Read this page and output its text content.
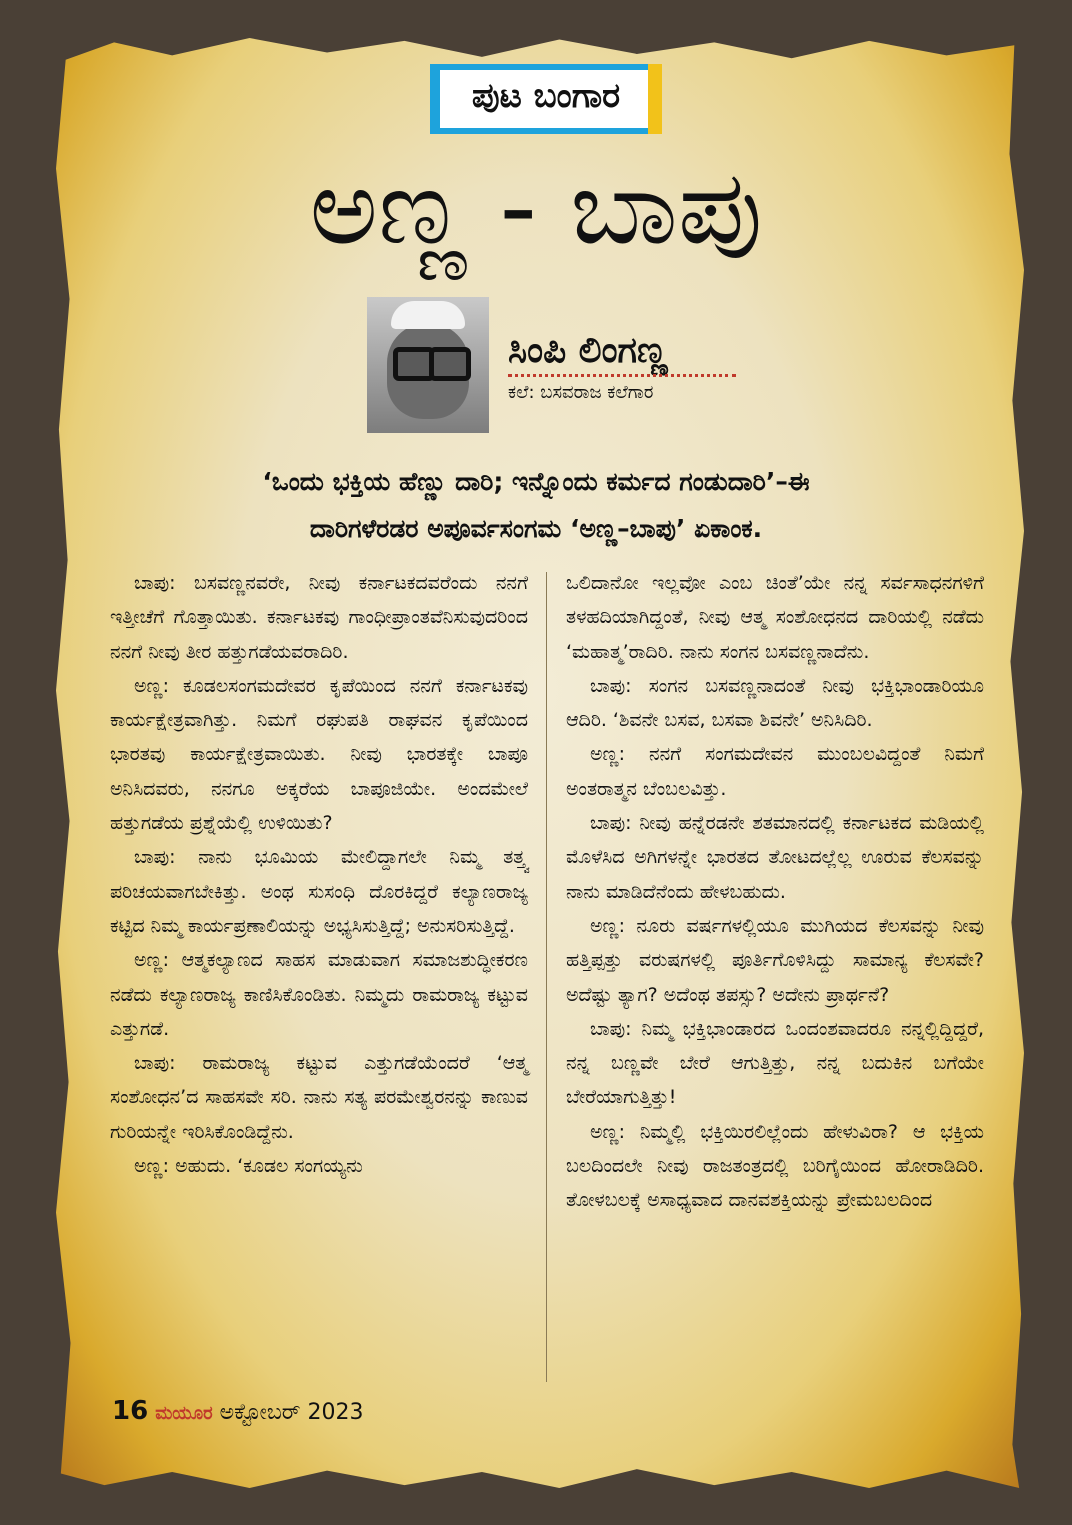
ಪುಟ ಬಂಗಾರ
ಅಣ್ಣ - ಬಾಪು
ಸಿಂಪಿ ಲಿಂಗಣ್ಣ
ಕಲೆ: ಬಸವರಾಜ ಕಲೆಗಾರ
‘ಒಂದು ಭಕ್ತಿಯ ಹೆಣ್ಣು ದಾರಿ; ಇನ್ನೊಂದು ಕರ್ಮದ ಗಂಡುದಾರಿ’–ಈ
ದಾರಿಗಳೆರಡರ ಅಪೂರ್ವಸಂಗಮ ‘ಅಣ್ಣ–ಬಾಪು’ ಏಕಾಂಕ.

ಬಾಪು: ಬಸವಣ್ಣನವರೇ, ನೀವು ಕರ್ನಾಟಕದವರೆಂದು ನನಗೆ ಇತ್ತೀಚೆಗೆ ಗೊತ್ತಾಯಿತು. ಕರ್ನಾಟಕವು ಗಾಂಧೀಪ್ರಾಂತವೆನಿಸುವುದರಿಂದ ನನಗೆ ನೀವು ತೀರ ಹತ್ತುಗಡೆಯವರಾದಿರಿ.

ಅಣ್ಣ: ಕೂಡಲಸಂಗಮದೇವರ ಕೃಪೆಯಿಂದ ನನಗೆ ಕರ್ನಾಟಕವು ಕಾರ್ಯಕ್ಷೇತ್ರವಾಗಿತ್ತು. ನಿಮಗೆ ರಘುಪತಿ ರಾಘವನ ಕೃಪೆಯಿಂದ ಭಾರತವು ಕಾರ್ಯಕ್ಷೇತ್ರವಾಯಿತು. ನೀವು ಭಾರತಕ್ಕೇ ಬಾಪೂ ಅನಿಸಿದವರು, ನನಗೂ ಅಕ್ಕರೆಯ ಬಾಪೂಜಿಯೇ. ಅಂದಮೇಲೆ ಹತ್ತುಗಡೆಯ ಪ್ರಶ್ನೆಯೆಲ್ಲಿ ಉಳಿಯಿತು?

ಬಾಪು: ನಾನು ಭೂಮಿಯ ಮೇಲಿದ್ದಾಗಲೇ ನಿಮ್ಮ ತತ್ತ್ವ ಪರಿಚಯವಾಗಬೇಕಿತ್ತು. ಅಂಥ ಸುಸಂಧಿ ದೊರಕಿದ್ದರೆ ಕಲ್ಯಾಣರಾಜ್ಯ ಕಟ್ಟಿದ ನಿಮ್ಮ ಕಾರ್ಯಪ್ರಣಾಲಿಯನ್ನು ಅಭ್ಯಸಿಸುತ್ತಿದ್ದೆ; ಅನುಸರಿಸುತ್ತಿದ್ದೆ.

ಅಣ್ಣ: ಆತ್ಮಕಲ್ಯಾಣದ ಸಾಹಸ ಮಾಡುವಾಗ ಸಮಾಜಶುದ್ಧೀಕರಣ ನಡೆದು ಕಲ್ಯಾಣರಾಜ್ಯ ಕಾಣಿಸಿಕೊಂಡಿತು. ನಿಮ್ಮದು ರಾಮರಾಜ್ಯ ಕಟ್ಟುವ ಎತ್ತುಗಡೆ.

ಬಾಪು: ರಾಮರಾಜ್ಯ ಕಟ್ಟುವ ಎತ್ತುಗಡೆಯೆಂದರೆ ‘ಆತ್ಮ ಸಂಶೋಧನ’ದ ಸಾಹಸವೇ ಸರಿ. ನಾನು ಸತ್ಯ ಪರಮೇಶ್ವರನನ್ನು ಕಾಣುವ ಗುರಿಯನ್ನೇ ಇರಿಸಿಕೊಂಡಿದ್ದೆನು.

ಅಣ್ಣ: ಅಹುದು. ‘ಕೂಡಲ ಸಂಗಯ್ಯನು

ಒಲಿದಾನೋ ಇಲ್ಲವೋ ಎಂಬ ಚಿಂತೆ’ಯೇ ನನ್ನ ಸರ್ವಸಾಧನಗಳಿಗೆ ತಳಹದಿಯಾಗಿದ್ದಂತೆ, ನೀವು ಆತ್ಮ ಸಂಶೋಧನದ ದಾರಿಯಲ್ಲಿ ನಡೆದು ‘ಮಹಾತ್ಮ’ರಾದಿರಿ. ನಾನು ಸಂಗನ ಬಸವಣ್ಣನಾದೆನು.

ಬಾಪು: ಸಂಗನ ಬಸವಣ್ಣನಾದಂತೆ ನೀವು ಭಕ್ತಿಭಾಂಡಾರಿಯೂ ಆದಿರಿ. ‘ಶಿವನೇ ಬಸವ, ಬಸವಾ ಶಿವನೇ’ ಅನಿಸಿದಿರಿ.

ಅಣ್ಣ: ನನಗೆ ಸಂಗಮದೇವನ ಮುಂಬಲವಿದ್ದಂತೆ ನಿಮಗೆ ಅಂತರಾತ್ಮನ ಬೆಂಬಲವಿತ್ತು.

ಬಾಪು: ನೀವು ಹನ್ನೆರಡನೇ ಶತಮಾನದಲ್ಲಿ ಕರ್ನಾಟಕದ ಮಡಿಯಲ್ಲಿ ಮೊಳೆಸಿದ ಅಗಿಗಳನ್ನೇ ಭಾರತದ ತೋಟದಲ್ಲೆಲ್ಲ ಊರುವ ಕೆಲಸವನ್ನು ನಾನು ಮಾಡಿದೆನೆಂದು ಹೇಳಬಹುದು.

ಅಣ್ಣ: ನೂರು ವರ್ಷಗಳಲ್ಲಿಯೂ ಮುಗಿಯದ ಕೆಲಸವನ್ನು ನೀವು ಹತ್ತಿಪ್ಪತ್ತು ವರುಷಗಳಲ್ಲಿ ಪೂರ್ತಿಗೊಳಿಸಿದ್ದು ಸಾಮಾನ್ಯ ಕೆಲಸವೇ? ಅದೆಷ್ಟು ತ್ಯಾಗ? ಅದೆಂಥ ತಪಸ್ಸು? ಅದೇನು ಪ್ರಾರ್ಥನೆ?

ಬಾಪು: ನಿಮ್ಮ ಭಕ್ತಿಭಾಂಡಾರದ ಒಂದಂಶವಾದರೂ ನನ್ನಲ್ಲಿದ್ದಿದ್ದರೆ, ನನ್ನ ಬಣ್ಣವೇ ಬೇರೆ ಆಗುತ್ತಿತ್ತು, ನನ್ನ ಬದುಕಿನ ಬಗೆಯೇ ಬೇರೆಯಾಗುತ್ತಿತ್ತು!

ಅಣ್ಣ: ನಿಮ್ಮಲ್ಲಿ ಭಕ್ತಿಯಿರಲಿಲ್ಲೆಂದು ಹೇಳುವಿರಾ? ಆ ಭಕ್ತಿಯ ಬಲದಿಂದಲೇ ನೀವು ರಾಜತಂತ್ರದಲ್ಲಿ ಬರಿಗೈಯಿಂದ ಹೋರಾಡಿದಿರಿ. ತೋಳಬಲಕ್ಕೆ ಅಸಾಧ್ಯವಾದ ದಾನವಶಕ್ತಿಯನ್ನು ಪ್ರೇಮಬಲದಿಂದ

16 ಮಯೂರ ಅಕ್ಟೋಬರ್ 2023
